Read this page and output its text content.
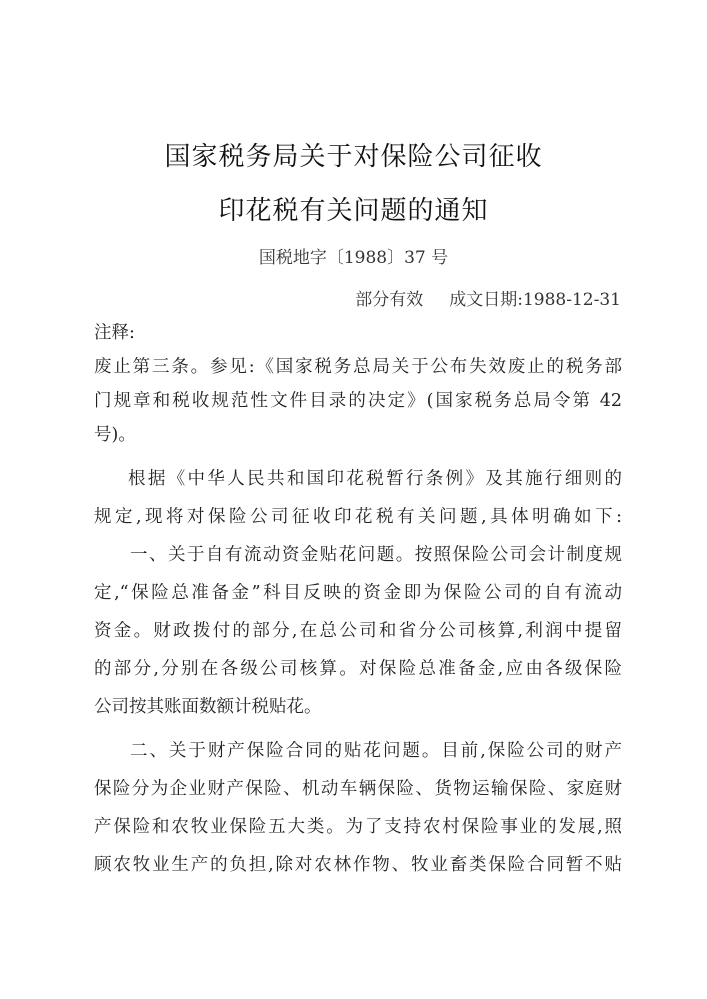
国家税务局关于对保险公司征收
印花税有关问题的通知
国税地字〔1988〕37 号
部分有效 成文日期:1988-12-31
注释:
废止第三条。参见:《国家税务总局关于公布失效废止的税务部
门规章和税收规范性文件目录的决定》(国家税务总局令第 42
号)。
根据《中华人民共和国印花税暂行条例》及其施行细则的
规定,现将对保险公司征收印花税有关问题,具体明确如下:
一、关于自有流动资金贴花问题。按照保险公司会计制度规
定,“保险总准备金”科目反映的资金即为保险公司的自有流动
资金。财政拨付的部分,在总公司和省分公司核算,利润中提留
的部分,分别在各级公司核算。对保险总准备金,应由各级保险
公司按其账面数额计税贴花。
二、关于财产保险合同的贴花问题。目前,保险公司的财产
保险分为企业财产保险、机动车辆保险、货物运输保险、家庭财
产保险和农牧业保险五大类。为了支持农村保险事业的发展,照
顾农牧业生产的负担,除对农林作物、牧业畜类保险合同暂不贴
